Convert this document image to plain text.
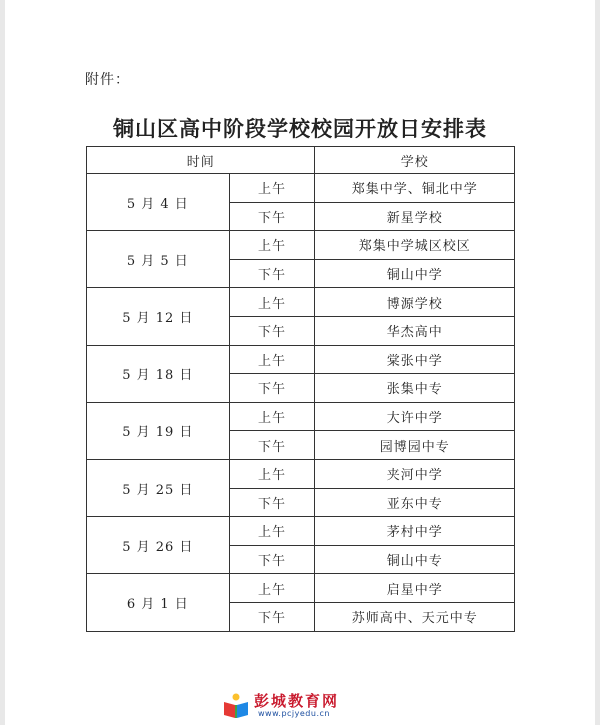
附件：
铜山区高中阶段学校校园开放日安排表
时间		学校
5 月 4 日	上午	郑集中学、铜北中学
	下午	新星学校
5 月 5 日	上午	郑集中学城区校区
	下午	铜山中学
5 月 12 日	上午	博源学校
	下午	华杰高中
5 月 18 日	上午	棠张中学
	下午	张集中专
5 月 19 日	上午	大许中学
	下午	园博园中专
5 月 25 日	上午	夹河中学
	下午	亚东中专
5 月 26 日	上午	茅村中学
	下午	铜山中专
6 月 1 日	上午	启星中学
	下午	苏师高中、天元中专
彭城教育网
www.pcjyedu.cn
